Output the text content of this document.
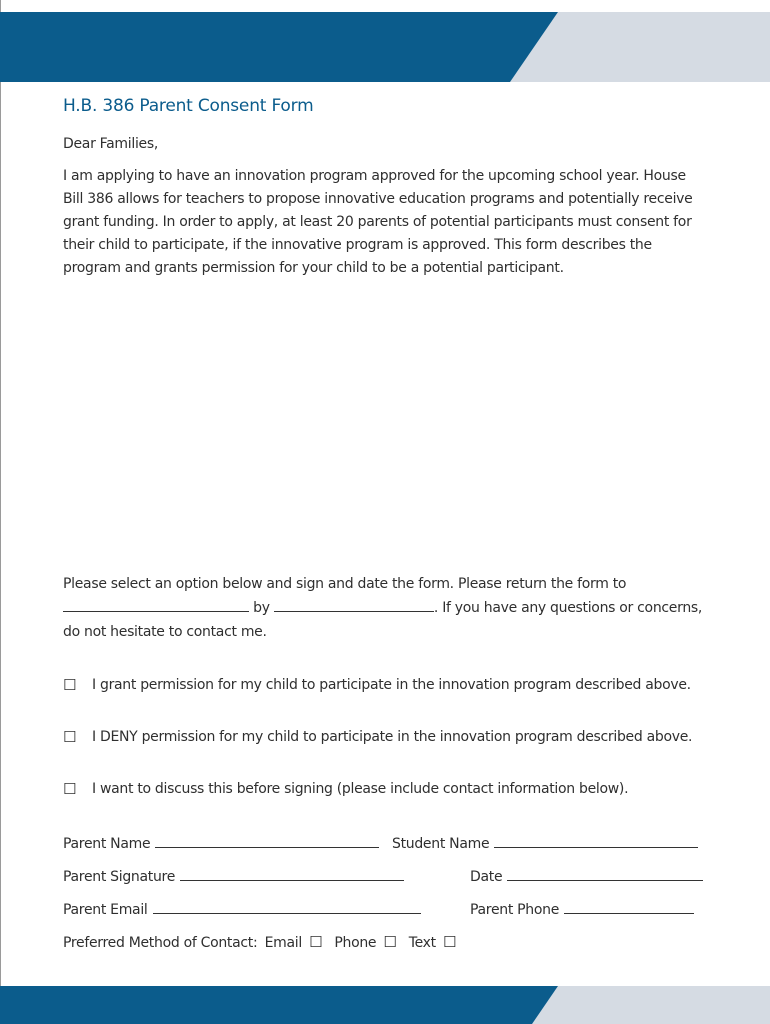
H.B. 386 Parent Consent Form
Dear Families,
I am applying to have an innovation program approved for the upcoming school year. House Bill 386 allows for teachers to propose innovative education programs and potentially receive grant funding. In order to apply, at least 20 parents of potential participants must consent for their child to participate, if the innovative program is approved. This form describes the program and grants permission for your child to be a potential participant.
Please select an option below and sign and date the form. Please return the form to
by	. If you have any questions or concerns, do not hesitate to contact me.
☐ I grant permission for my child to participate in the innovation program described above.
☐ I DENY permission for my child to participate in the innovation program described above.
☐ I want to discuss this before signing (please include contact information below).
Parent Name	Student Name
Parent Signature	Date
Parent Email	Parent Phone
Preferred Method of Contact: Email ☐ Phone ☐ Text ☐
